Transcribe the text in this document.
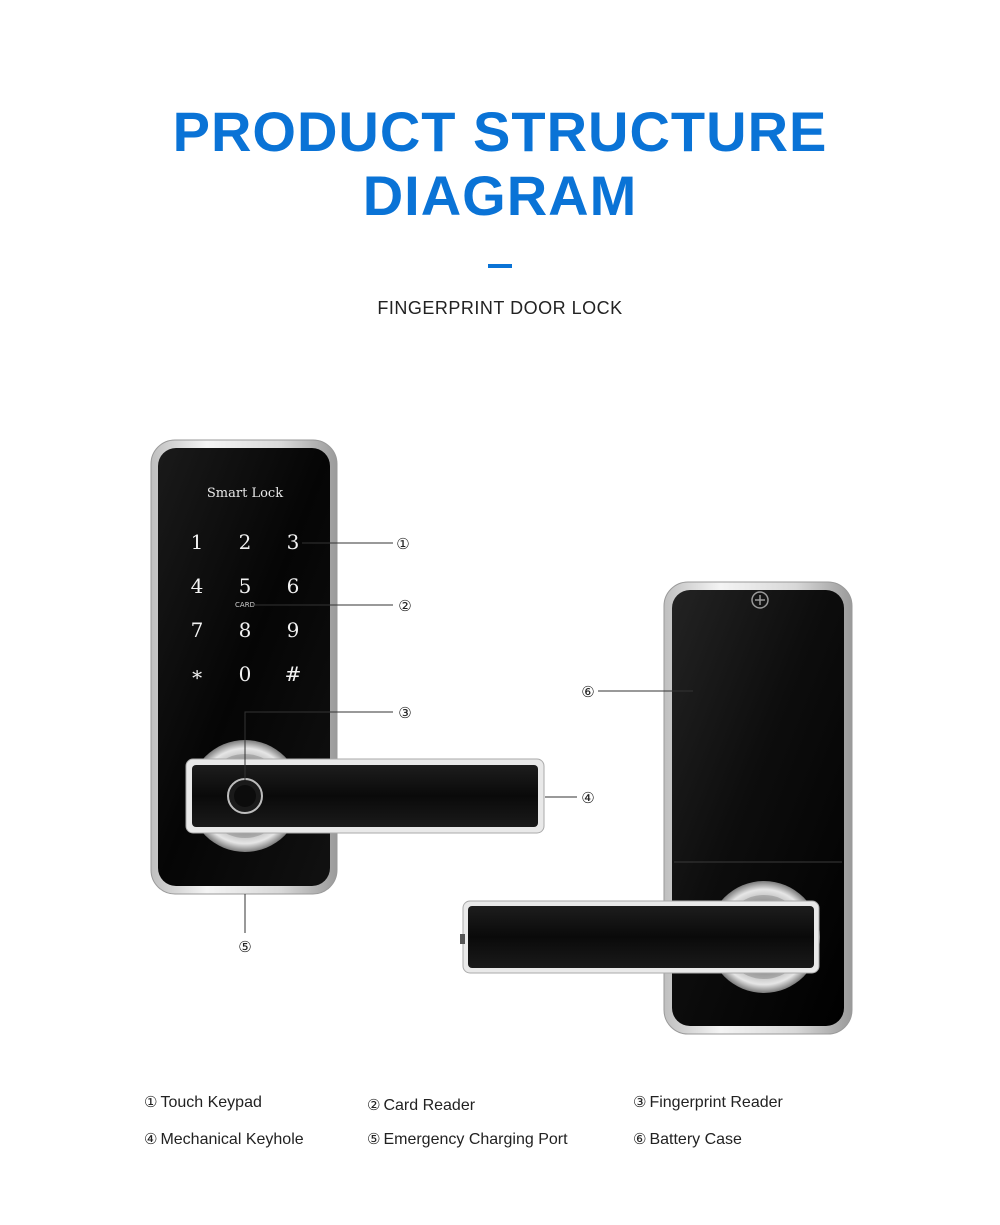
PRODUCT STRUCTURE
DIAGRAM
FINGERPRINT DOOR LOCK
Smart Lock
1 2 3
4 5 6
7 8 9
∗ 0 #
CARD
①
②
③
④
⑤
⑥
① Touch Keypad	② Card Reader	③ Fingerprint Reader
④ Mechanical Keyhole	⑤ Emergency Charging Port	⑥ Battery Case
